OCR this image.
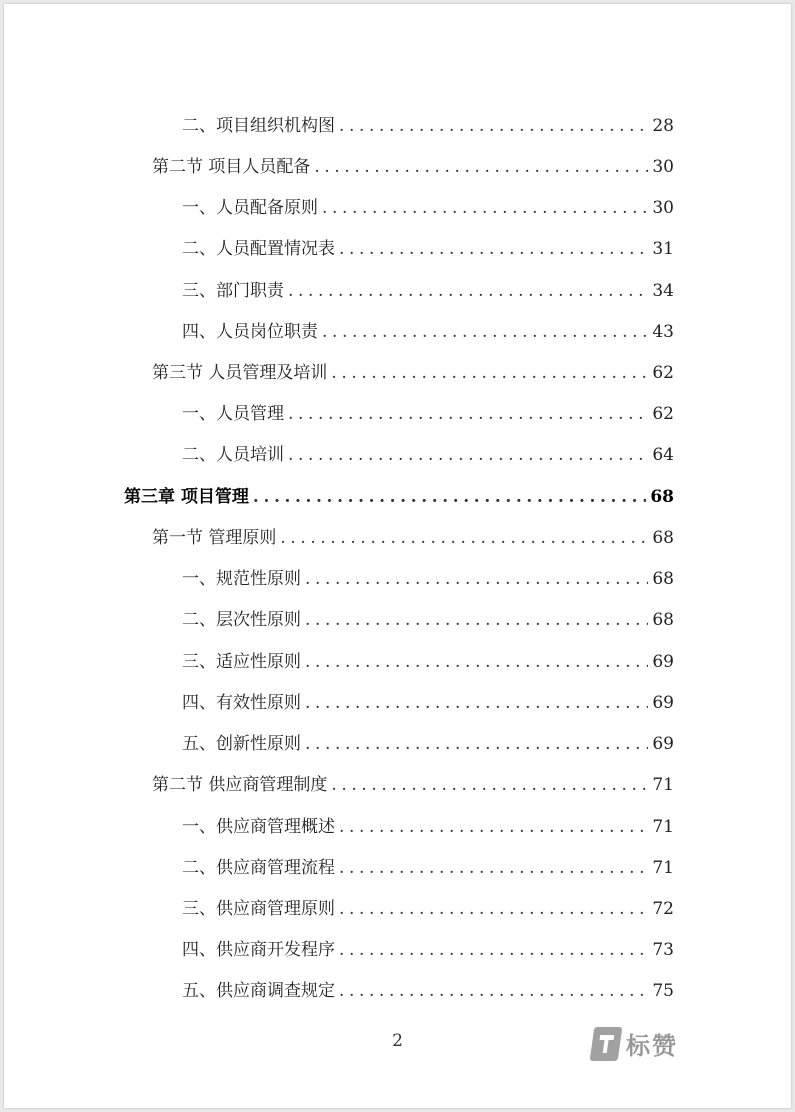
二、项目组织机构图 .....	28
第二节 项目人员配备 .....	30
一、人员配备原则 .....	30
二、人员配置情况表 .....	31
三、部门职责 .....	34
四、人员岗位职责 .....	43
第三节 人员管理及培训 .....	62
一、人员管理 .....	62
二、人员培训 .....	64
第三章 项目管理 .....	68
第一节 管理原则 .....	68
一、规范性原则 .....	68
二、层次性原则 .....	68
三、适应性原则 .....	69
四、有效性原则 .....	69
五、创新性原则 .....	69
第二节 供应商管理制度 .....	71
一、供应商管理概述 .....	71
二、供应商管理流程 .....	71
三、供应商管理原则 .....	72
四、供应商开发程序 .....	73
五、供应商调查规定 .....	75
2	标赞
